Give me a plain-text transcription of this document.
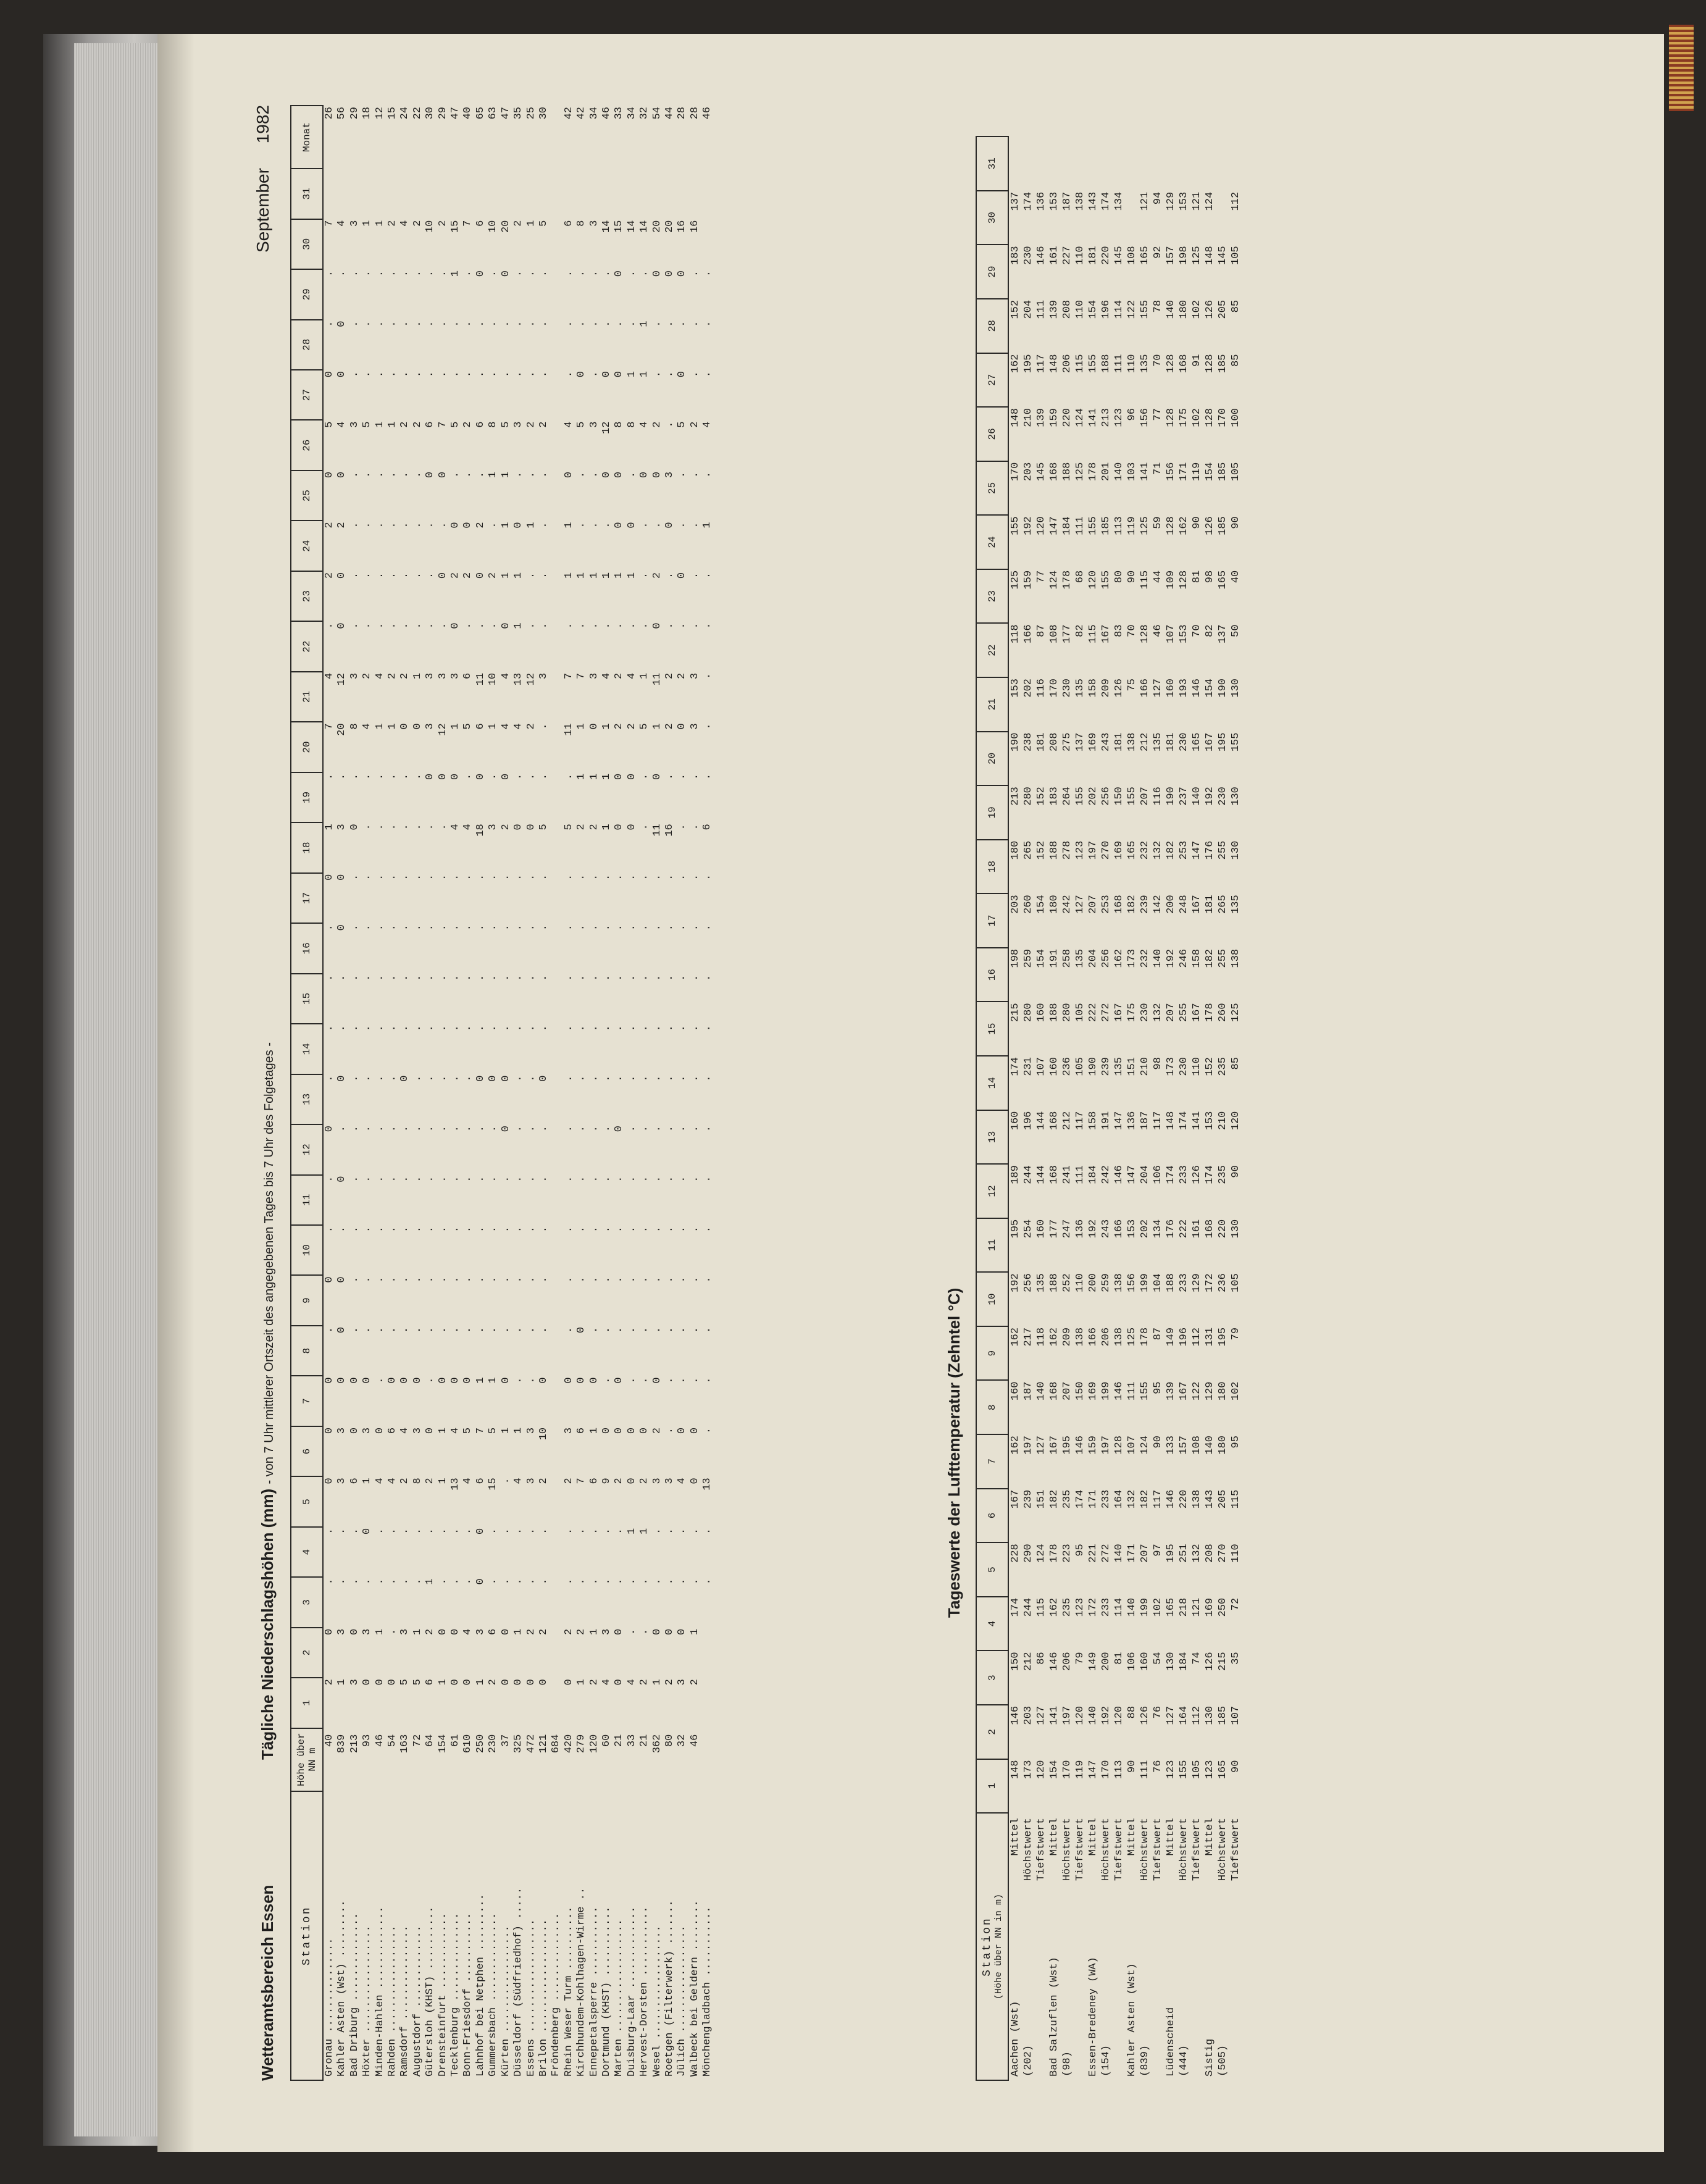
Wetteramtsbereich Essen
Tägliche Niederschlagshöhen (mm) - von 7 Uhr mittlerer Ortszeit des angegebenen Tages bis 7 Uhr des Folgetages -
September 1982
Station	Höhe über NN m	1	2	3	4	5	6	7	8	9	10	11	12	13	14	15	16	17	18	19	20	21	22	23	24	25	26	27	28	29	30	31	Monat
Gronau ...............	40	2	0	.	.	0	0	0	.	0	.	.	0	.	.	.	.	0	1	.	7	4	.	2	2	0	5	0	.	.	7		26
Kahler Asten (Wst) .........	839	1	3	.	.	3	3	0	0	0	.	0	.	0	.	.	0	0	3	.	20	12	0	0	2	0	4	0	0	.	4		56
Bad Driburg ..............	213	3	0	.	.	6	0	0	.	.	.	.	.	.	.	.	.	.	0	.	8	3	.	.	.	.	3	.	.	.	3		29
Höxter .................	93	0	3	.	0	1	3	0	.	.	.	.	.	.	.	.	.	.	.	.	4	2	.	.	.	.	5	.	.	.	1		18
Minden-Hahlen .............	46	0	1	.	.	4	0	.	.	.	.	.	.	.	.	.	.	.	.	.	1	4	.	.	.	.	1	.	.	.	1		12
Rahden .................	54	0	.	.	.	4	6	0	.	.	.	.	.	.	.	.	.	.	.	.	1	2	.	.	.	.	1	.	.	.	2		15
Ramsdorf ...............	163	5	3	.	.	2	4	0	.	.	.	.	.	0	.	.	.	.	.	.	0	2	.	.	.	.	2	.	.	.	4		24
Augustdorf .............	72	5	1	.	.	8	3	0	.	.	.	.	.	.	.	.	.	.	.	.	0	1	.	.	.	.	2	.	.	.	2		22
Gütersloh (KHST) ..........	64	6	2	1	.	2	0	.	.	.	.	.	.	.	.	.	.	.	.	0	3	3	.	.	.	0	6	.	.	.	10		30
Drensteinfurt ............	154	1	0	.	.	1	1	0	.	.	.	.	.	.	.	.	.	.	.	0	12	3	.	0	.	0	7	.	.	.	2		29
Tecklenburg ..............	61	0	0	.	.	13	4	0	.	.	.	.	.	.	.	.	.	.	4	0	1	3	0	2	0	.	5	.	.	1	15		47
Bonn-Friesdorf ...........	610	0	4	.	.	4	5	0	.	.	.	.	.	.	.	.	.	.	4	.	5	6	.	2	0	.	2	.	.	.	7		40
Lahnhof bei Netphen .........	250	1	3	0	0	6	7	1	.	.	.	.	.	0	.	.	.	.	18	0	6	11	.	0	2	.	6	.	.	0	6		65
Gummersbach ..............	230	2	6	.	.	15	5	1	.	.	.	.	.	0	.	.	.	.	3	.	1	10	.	2	.	1	8	.	.	.	10		63
Kürten .................	37	0	0	.	.	.	1	0	.	.	.	.	0	0	.	.	.	.	2	0	4	4	0	1	1	1	5	.	.	0	20		47
Düsseldorf (Südfriedhof) .....	325	0	1	.	.	4	1	.	.	.	.	.	.	.	.	.	.	.	0	.	4	13	1	1	0	.	3	.	.	.	2		35
Essens ..................	472	0	2	.	.	3	3	.	.	.	.	.	.	.	.	.	.	.	0	.	2	12	.	.	1	.	2	.	.	.	1		25
Brilon ..................	121	0	2	.	.	2	10	0	.	.	.	.	.	0	.	.	.	.	5	.	.	3	.	.	.	.	2	.	.	.	5		30
Fröndenberg ..............	684																																
Rhein Weser Turm ..........	420	0	2	.	.	2	3	0	.	.	.	.	.	.	.	.	.	.	5	.	11	7	.	1	1	0	4	.	.	.	6		42
Kirchhundem-Kohlhagen-Wirme ..	279	1	2	.	.	7	6	0	0	.	.	.	.	.	.	.	.	.	2	1	1	7	.	1	.	.	5	0	.	.	8		42
Ennepetalsperre ...........	120	2	1	.	.	6	1	0	.	.	.	.	.	.	.	.	.	.	2	1	0	3	.	1	.	.	3	.	.	.	3		34
Dortmund (KHST) ...........	60	4	3	.	.	9	0	.	.	.	.	.	.	.	.	.	.	.	1	1	1	4	.	1	.	0	12	0	.	.	14		46
Marten ..................	21	0	0	.	.	2	0	0	.	.	.	.	0	.	.	.	.	.	0	0	2	2	.	1	0	0	8	0	.	0	15		33
Duisburg-Laar .............	33	4	.	.	1	0	0	.	.	.	.	.	.	.	.	.	.	.	0	0	2	4	.	1	0	.	8	1	.	.	14		34
Hervest-Dorsten ...........	21	2	.	.	1	2	0	.	.	.	.	.	.	.	.	.	.	.	.	.	5	1	.	.	.	0	4	1	1	.	14		32
Wesel ..................	362	1	0	.	.	3	2	0	.	.	.	.	.	.	.	.	.	.	11	0	1	11	0	2	.	0	2	.	.	0	20		54
Roetgen (Filterwerk) .......	80	2	0	.	.	3	.	.	.	.	.	.	.	.	.	.	.	.	16	.	2	2	.	.	0	3	.	.	.	0	20		44
Jülich .................	32	3	0	.	.	4	0	.	.	.	.	.	.	.	.	.	.	.	.	.	0	2	.	0	.	.	5	0	.	0	16		28
Walbeck bei Geldern ........	46	2	1	.	.	0	0	.	.	.	.	.	.	.	.	.	.	.	.	.	3	3	.	.	.	.	2	.	.	.	16		28
Mönchengladbach ...........				.	.	13	.	.	.	.	.	.	.	.	.	.	.	.	6	.	.	.	.	.	1	.	4	.	.	.			46
Tageswerte der Lufttemperatur (Zehntel °C)
Station (Höhe über NN in m)		1	2	3	4	5	6	7	8	9	10	11	12	13	14	15	16	17	18	19	20	21	22	23	24	25	26	27	28	29	30	31
Aachen (Wst)	Mittel	148	146	150	174	228	167	162	160	162	192	195	189	160	174	215	198	203	180	213	190	153	118	125	155	170	148	162	152	183	137	
(202)	Höchstwert	173	203	212	244	290	239	197	187	217	256	254	244	196	231	280	259	260	265	280	238	202	166	159	192	203	210	195	204	230	174	
	Tiefstwert	120	127	86	115	124	151	127	140	118	135	160	144	144	107	160	154	154	152	152	181	116	87	77	120	145	139	117	111	146	136	
Bad Salzuflen (Wst)	Mittel	154	141	146	162	178	182	167	168	162	188	177	168	168	160	188	191	180	188	183	208	170	108	124	147	168	159	148	139	161	153	
(98)	Höchstwert	170	197	206	235	223	235	195	207	209	252	247	241	212	236	280	258	242	278	264	275	230	177	178	184	188	220	206	208	227	187	
	Tiefstwert	119	120	79	123	95	174	146	150	138	110	136	111	117	105	105	135	127	123	155	137	135	82	68	111	125	124	115	110	110	138	
Essen-Bredeney (WA)	Mittel	147	140	149	172	221	171	159	169	166	200	192	184	158	190	222	204	207	197	202	169	158	115	120	155	178	141	155	154	181	143	
(154)	Höchstwert	170	192	200	233	272	233	197	199	206	259	243	242	191	239	272	256	253	270	256	243	209	167	155	185	201	213	188	196	220	174	
	Tiefstwert	113	120	81	114	140	164	128	146	138	138	166	146	147	135	167	162	168	169	150	181	126	83	80	113	140	123	111	114	145	134	
Kahler Asten (Wst)	Mittel	90	88	106	140	171	132	107	111	125	156	153	147	136	151	175	173	182	165	155	138	75	70	90	119	103	96	110	122	108		
(839)	Höchstwert	111	126	160	199	207	182	124	155	178	199	202	204	187	210	230	232	239	232	207	212	166	128	115	125	141	156	135	155	165	121	
	Tiefstwert	76	76	54	102	97	117	90	95	87	104	134	106	117	98	132	140	142	132	116	135	127	46	44	59	71	77	70	78	92	94	
Lüdenscheid	Mittel	123	127	130	165	195	146	133	139	149	188	176	174	148	173	207	192	200	182	190	181	160	107	109	128	156	128	128	140	157	129	
(444)	Höchstwert	155	164	184	218	251	220	157	167	196	233	222	233	174	230	255	246	248	253	237	230	193	153	128	162	171	175	168	180	198	153	
	Tiefstwert	105	112	74	121	132	138	108	122	112	129	161	126	141	110	167	158	167	147	140	165	146	70	81	90	119	102	91	102	125	121	
Sistig	Mittel	123	130	126	169	208	143	140	129	131	172	168	174	153	152	178	182	181	176	192	167	154	82	98	126	154	128	128	126	148	124	
(505)	Höchstwert	165	185	215	250	270	205	180	180	195	236	220	235	210	235	260	255	265	255	230	195	190	137	165	185	185	170	185	205	145		
	Tiefstwert	90	107	35	72	110	115	95	102	79	105	130	90	120	85	125	138	135	130	130	155	130	50	40	90	105	100	85	85	105	112	
